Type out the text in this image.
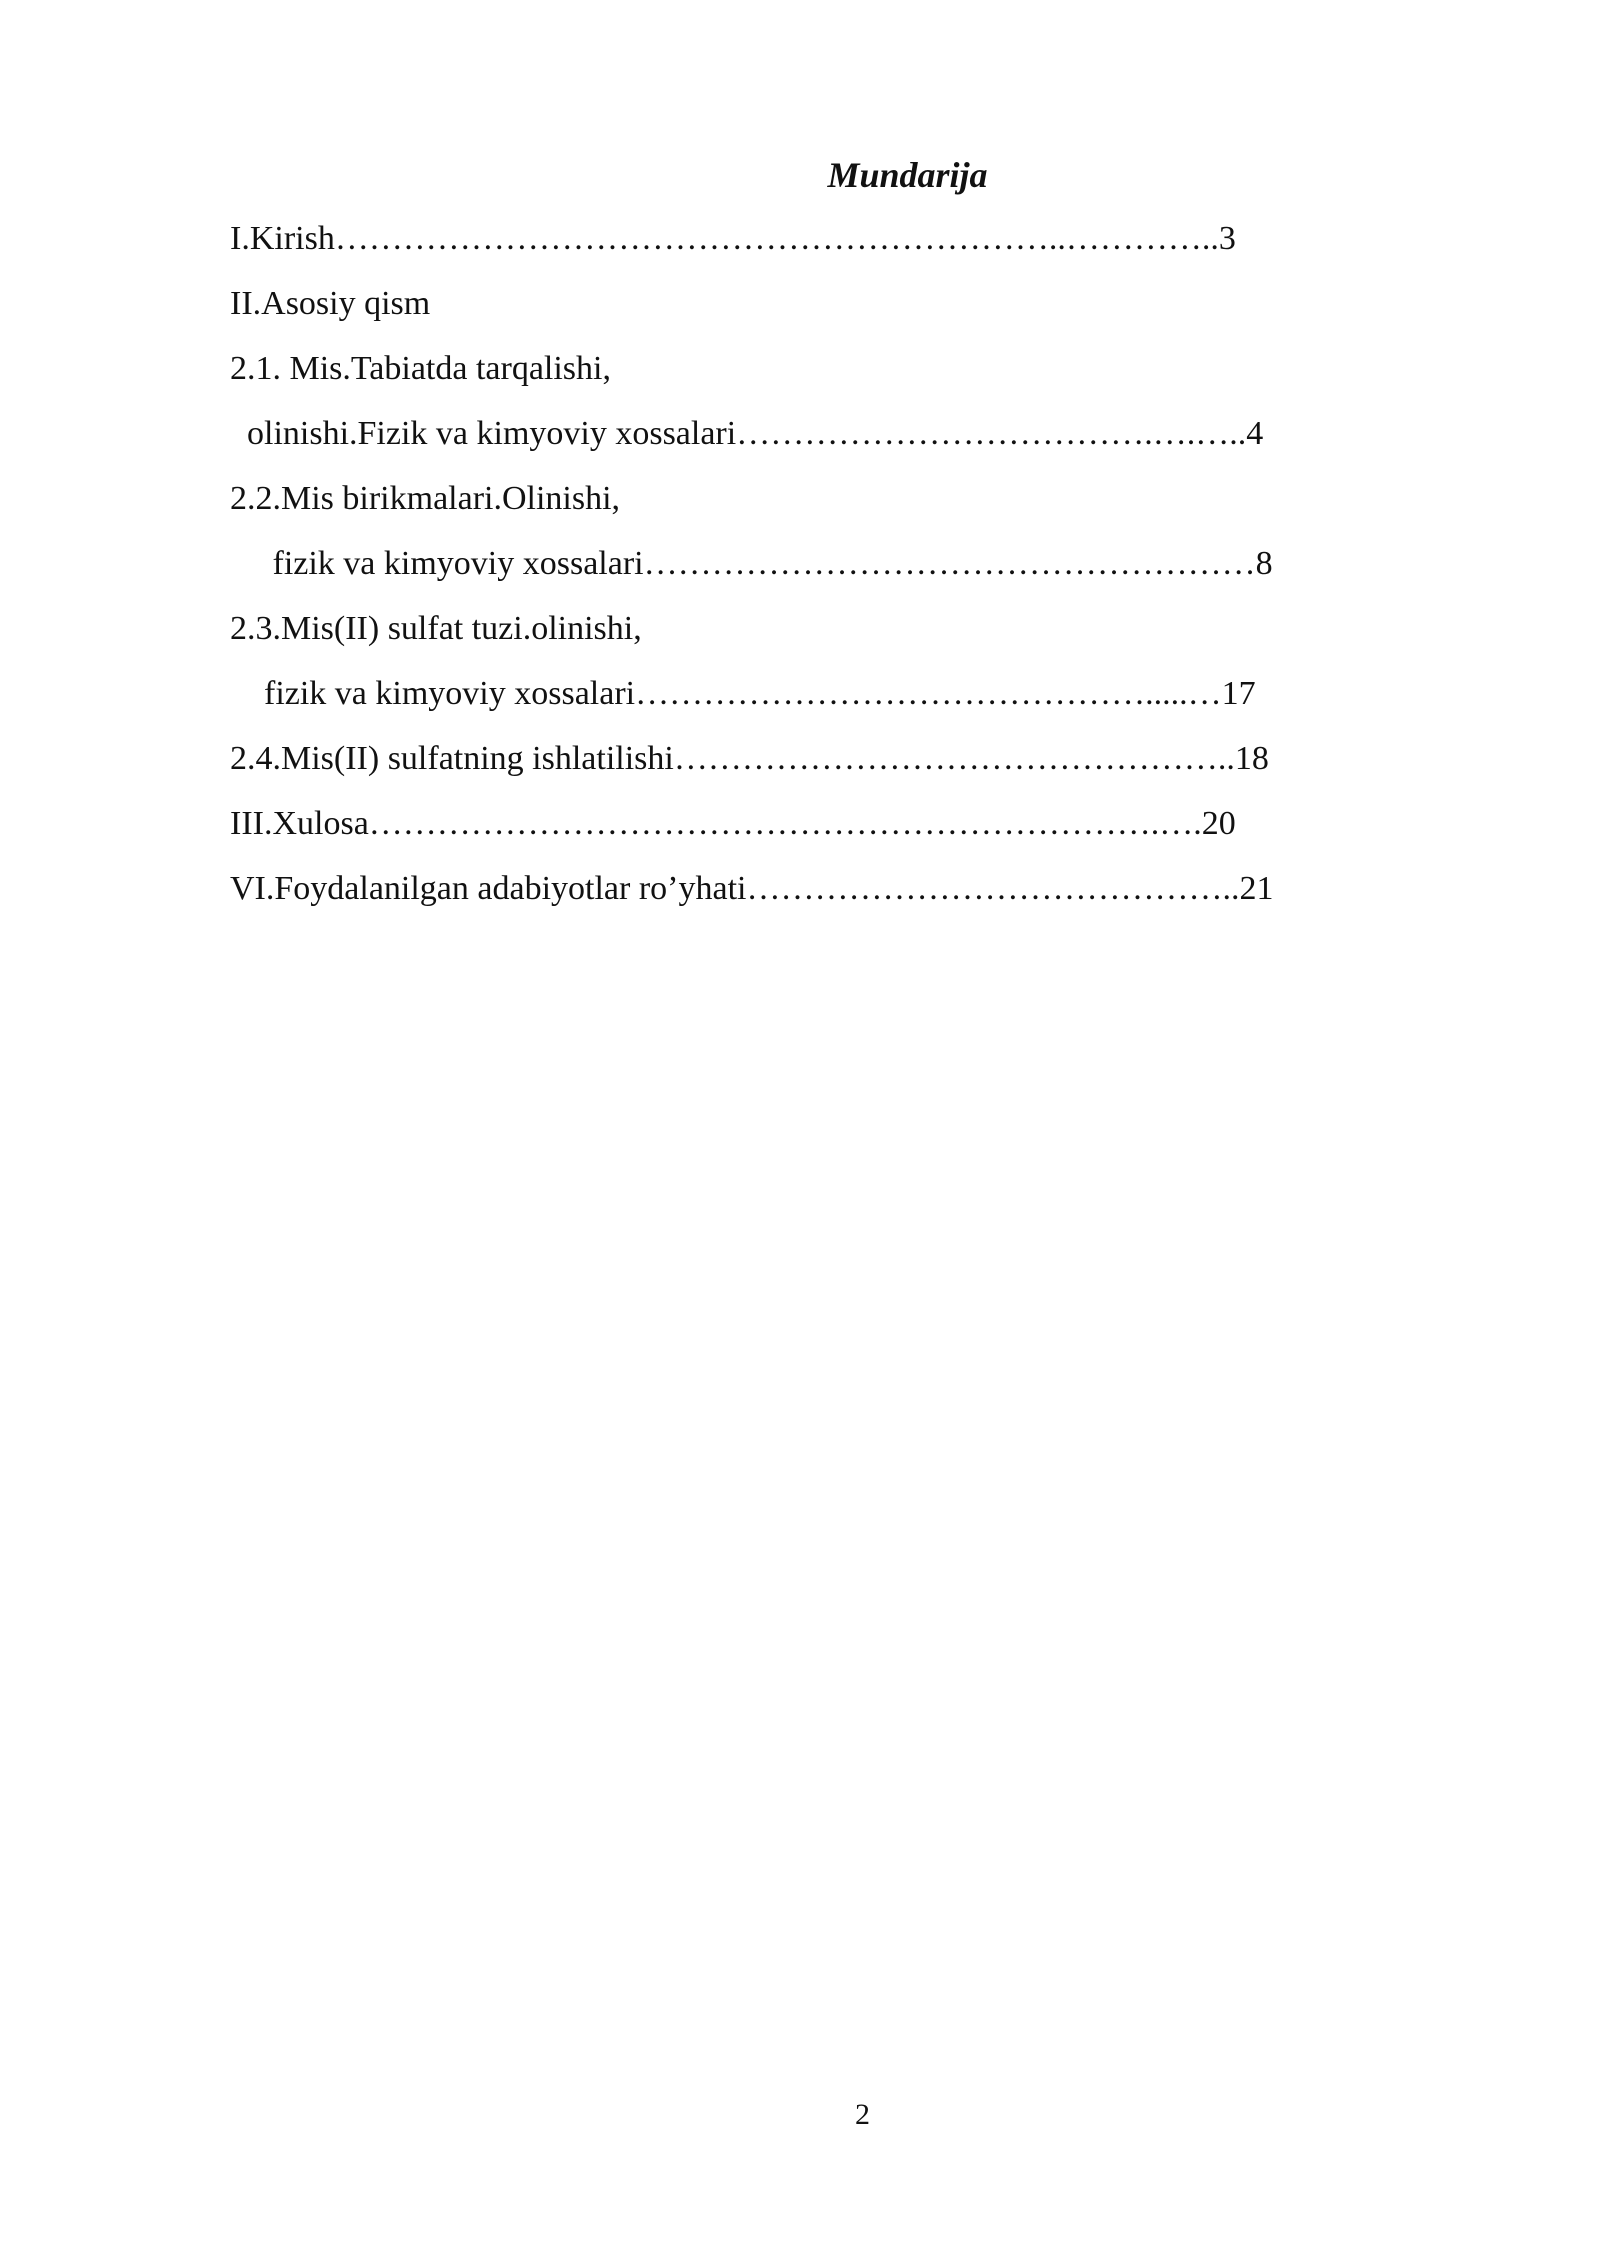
Mundarija
I.Kirish………………………………………………………..…………..3
II.Asosiy qism
2.1. Mis.Tabiatda tarqalishi,
olinishi.Fizik va kimyoviy xossalari……………………………….….…..4
2.2.Mis birikmalari.Olinishi,
fizik va kimyoviy xossalari………………………………………………8
2.3.Mis(II) sulfat tuzi.olinishi,
fizik va kimyoviy xossalari……………………………………….....…17
2.4.Mis(II) sulfatning ishlatilishi…………………………………………..18
III.Xulosa…………………………………………………………….….20
VI.Foydalanilgan adabiyotlar ro’yhati……………………………………..21
2
